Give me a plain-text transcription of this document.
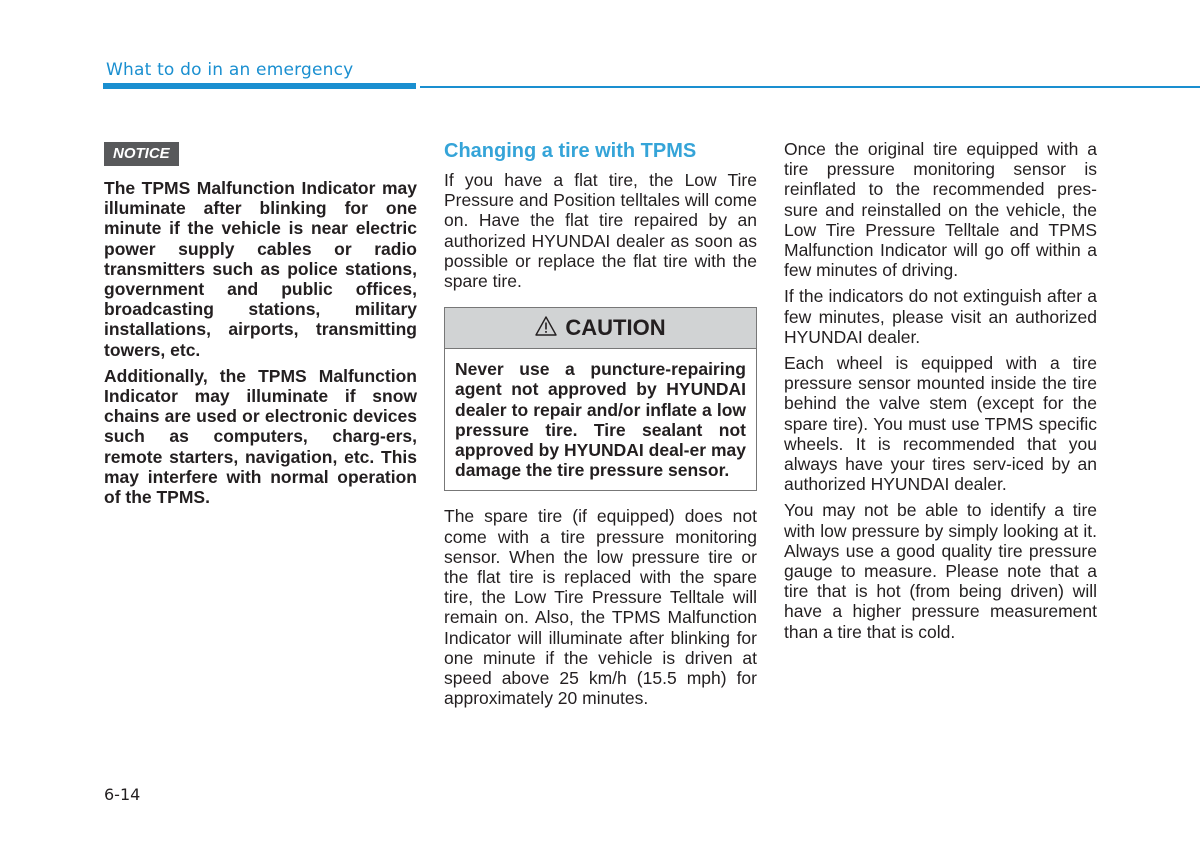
What to do in an emergency
NOTICE

The TPMS Malfunction Indicator may illuminate after blinking for one minute if the vehicle is near electric power supply cables or radio transmitters such as police stations, government and public offices, broadcasting stations, military installations, airports, transmitting towers, etc.

Additionally, the TPMS Malfunction Indicator may illuminate if snow chains are used or electronic devices such as computers, charg-ers, remote starters, navigation, etc. This may interfere with normal operation of the TPMS.

Changing a tire with TPMS

If you have a flat tire, the Low Tire Pressure and Position telltales will come on. Have the flat tire repaired by an authorized HYUNDAI dealer as soon as possible or replace the flat tire with the spare tire.

CAUTION

Never use a puncture-repairing agent not approved by HYUNDAI dealer to repair and/or inflate a low pressure tire. Tire sealant not approved by HYUNDAI deal-er may damage the tire pressure sensor.

The spare tire (if equipped) does not come with a tire pressure monitoring sensor. When the low pressure tire or the flat tire is replaced with the spare tire, the Low Tire Pressure Telltale will remain on. Also, the TPMS Malfunction Indicator will illuminate after blinking for one minute if the vehicle is driven at speed above 25 km/h (15.5 mph) for approximately 20 minutes.

Once the original tire equipped with a tire pressure monitoring sensor is reinflated to the recommended pres-sure and reinstalled on the vehicle, the Low Tire Pressure Telltale and TPMS Malfunction Indicator will go off within a few minutes of driving.

If the indicators do not extinguish after a few minutes, please visit an authorized HYUNDAI dealer.

Each wheel is equipped with a tire pressure sensor mounted inside the tire behind the valve stem (except for the spare tire). You must use TPMS specific wheels. It is recommended that you always have your tires serv-iced by an authorized HYUNDAI dealer.

You may not be able to identify a tire with low pressure by simply looking at it. Always use a good quality tire pressure gauge to measure. Please note that a tire that is hot (from being driven) will have a higher pressure measurement than a tire that is cold.

6-14
